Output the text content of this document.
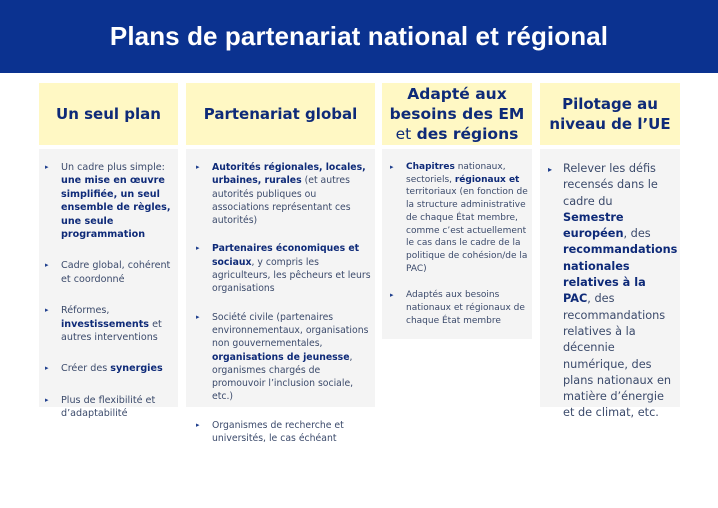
Plans de partenariat national et régional
Un seul plan
▸ Un cadre plus simple: une mise en œuvre simplifiée, un seul ensemble de règles, une seule programmation
▸ Cadre global, cohérent et coordonné
▸ Réformes, investissements et autres interventions
▸ Créer des synergies
▸ Plus de flexibilité et d’adaptabilité
Partenariat global
▸ Autorités régionales, locales, urbaines, rurales (et autres autorités publiques ou associations représentant ces autorités)
▸ Partenaires économiques et sociaux, y compris les agriculteurs, les pêcheurs et leurs organisations
▸ Société civile (partenaires environnementaux, organisations non gouvernementales, organisations de jeunesse, organismes chargés de promouvoir l’inclusion sociale, etc.)
▸ Organismes de recherche et universités, le cas échéant
Adapté aux
besoins des EM
et des régions
▸ Chapitres nationaux, sectoriels, régionaux et territoriaux (en fonction de la structure administrative de chaque État membre, comme c’est actuellement le cas dans le cadre de la politique de cohésion/de la PAC)
▸ Adaptés aux besoins nationaux et régionaux de chaque État membre
Pilotage au
niveau de l’UE
▸ Relever les défis recensés dans le cadre du Semestre européen, des recommandations nationales relatives à la PAC, des recommandations relatives à la décennie numérique, des plans nationaux en matière d’énergie et de climat, etc.
